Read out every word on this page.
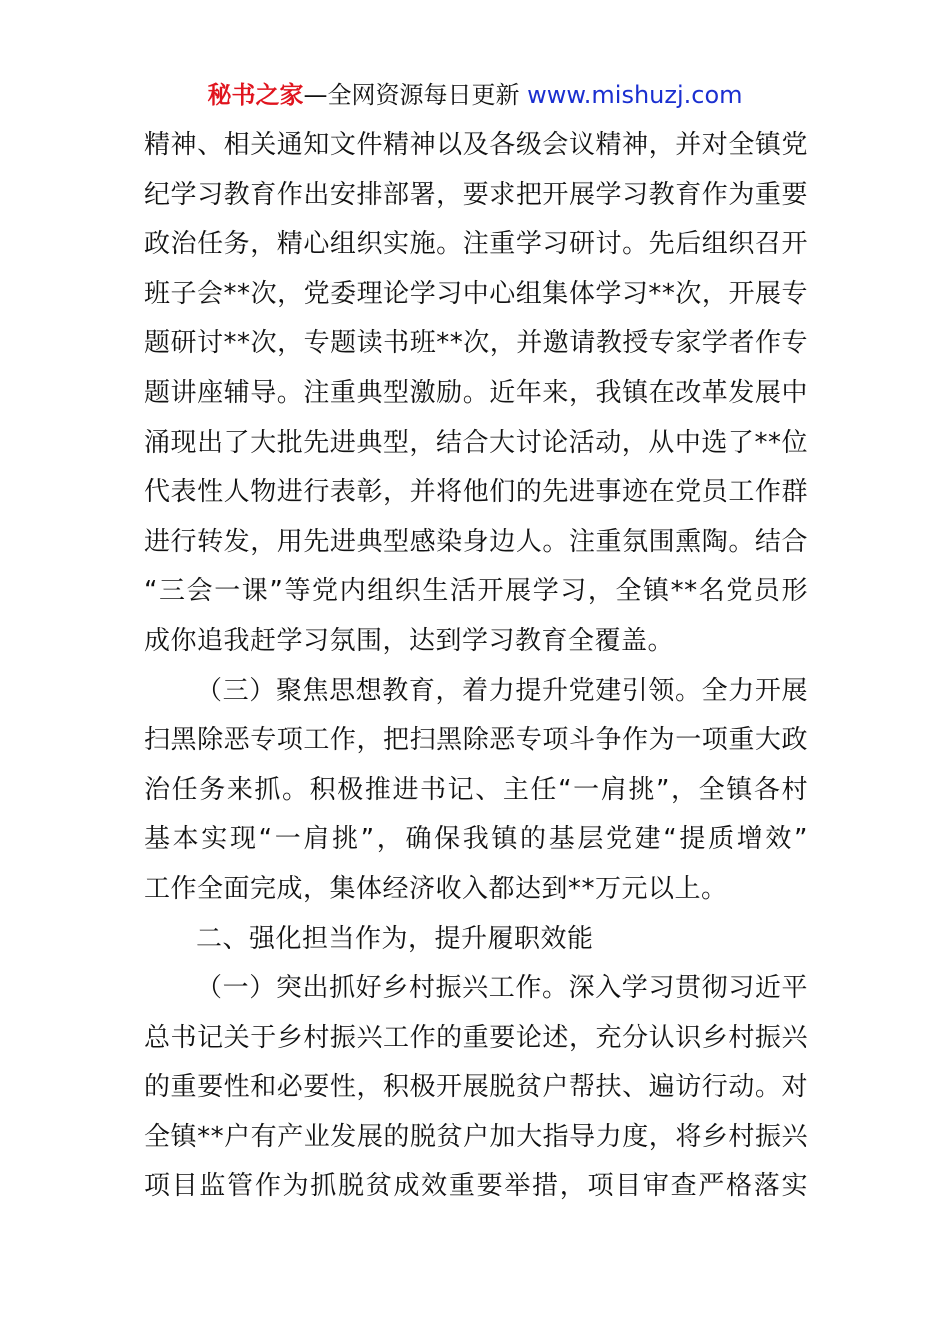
秘书之家—全网资源每日更新 www.mishuzj.com
精神、相关通知文件精神以及各级会议精神，并对全镇党
纪学习教育作出安排部署，要求把开展学习教育作为重要
政治任务，精心组织实施。注重学习研讨。先后组织召开
班子会**次，党委理论学习中心组集体学习**次，开展专
题研讨**次，专题读书班**次，并邀请教授专家学者作专
题讲座辅导。注重典型激励。近年来，我镇在改革发展中
涌现出了大批先进典型，结合大讨论活动，从中选了**位
代表性人物进行表彰，并将他们的先进事迹在党员工作群
进行转发，用先进典型感染身边人。注重氛围熏陶。结合
“三会一课”等党内组织生活开展学习，全镇**名党员形
成你追我赶学习氛围，达到学习教育全覆盖。
（三）聚焦思想教育，着力提升党建引领。全力开展
扫黑除恶专项工作，把扫黑除恶专项斗争作为一项重大政
治任务来抓。积极推进书记、主任“一肩挑”，全镇各村
基本实现“一肩挑”，确保我镇的基层党建“提质增效”
工作全面完成，集体经济收入都达到**万元以上。
二、强化担当作为，提升履职效能
（一）突出抓好乡村振兴工作。深入学习贯彻习近平
总书记关于乡村振兴工作的重要论述，充分认识乡村振兴
的重要性和必要性，积极开展脱贫户帮扶、遍访行动。对
全镇**户有产业发展的脱贫户加大指导力度，将乡村振兴
项目监管作为抓脱贫成效重要举措，项目审查严格落实
